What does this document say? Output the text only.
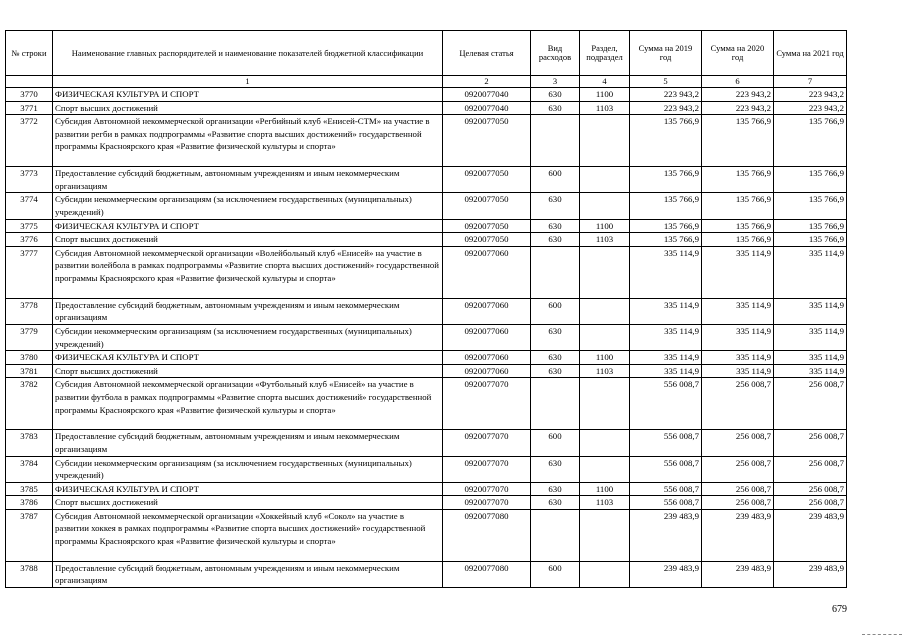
№ строки	Наименование главных распорядителей и наименование показателей бюджетной классификации	Целевая статья	Вид расходов	Раздел, подраздел	Сумма на 2019 год	Сумма на 2020 год	Сумма на 2021 год
	1	2	3	4	5	6	7
3770	ФИЗИЧЕСКАЯ КУЛЬТУРА И СПОРТ	0920077040	630	1100	223 943,2	223 943,2	223 943,2
3771	Спорт высших достижений	0920077040	630	1103	223 943,2	223 943,2	223 943,2
3772	Субсидия Автономной некоммерческой организации «Регбийный клуб «Енисей-СТМ» на участие в развитии регби в рамках подпрограммы «Развитие спорта высших достижений» государственной программы Красноярского края «Развитие физической культуры и спорта»	0920077050			135 766,9	135 766,9	135 766,9
3773	Предоставление субсидий бюджетным, автономным учреждениям и иным некоммерческим организациям	0920077050	600		135 766,9	135 766,9	135 766,9
3774	Субсидии некоммерческим организациям (за исключением государственных (муниципальных) учреждений)	0920077050	630		135 766,9	135 766,9	135 766,9
3775	ФИЗИЧЕСКАЯ КУЛЬТУРА И СПОРТ	0920077050	630	1100	135 766,9	135 766,9	135 766,9
3776	Спорт высших достижений	0920077050	630	1103	135 766,9	135 766,9	135 766,9
3777	Субсидия Автономной некоммерческой организации «Волейбольный клуб «Енисей» на участие в развитии волейбола в рамках подпрограммы «Развитие спорта высших достижений» государственной программы Красноярского края «Развитие физической культуры и спорта»	0920077060			335 114,9	335 114,9	335 114,9
3778	Предоставление субсидий бюджетным, автономным учреждениям и иным некоммерческим организациям	0920077060	600		335 114,9	335 114,9	335 114,9
3779	Субсидии некоммерческим организациям (за исключением государственных (муниципальных) учреждений)	0920077060	630		335 114,9	335 114,9	335 114,9
3780	ФИЗИЧЕСКАЯ КУЛЬТУРА И СПОРТ	0920077060	630	1100	335 114,9	335 114,9	335 114,9
3781	Спорт высших достижений	0920077060	630	1103	335 114,9	335 114,9	335 114,9
3782	Субсидия Автономной некоммерческой организации «Футбольный клуб «Енисей» на участие в развитии футбола в рамках подпрограммы «Развитие спорта высших достижений» государственной программы Красноярского края «Развитие физической культуры и спорта»	0920077070			556 008,7	256 008,7	256 008,7
3783	Предоставление субсидий бюджетным, автономным учреждениям и иным некоммерческим организациям	0920077070	600		556 008,7	256 008,7	256 008,7
3784	Субсидии некоммерческим организациям (за исключением государственных (муниципальных) учреждений)	0920077070	630		556 008,7	256 008,7	256 008,7
3785	ФИЗИЧЕСКАЯ КУЛЬТУРА И СПОРТ	0920077070	630	1100	556 008,7	256 008,7	256 008,7
3786	Спорт высших достижений	0920077070	630	1103	556 008,7	256 008,7	256 008,7
3787	Субсидия Автономной некоммерческой организации «Хоккейный клуб «Сокол» на участие в развитии хоккея в рамках подпрограммы «Развитие спорта высших достижений» государственной программы Красноярского края «Развитие физической культуры и спорта»	0920077080			239 483,9	239 483,9	239 483,9
3788	Предоставление субсидий бюджетным, автономным учреждениям и иным некоммерческим организациям	0920077080	600		239 483,9	239 483,9	239 483,9
679
